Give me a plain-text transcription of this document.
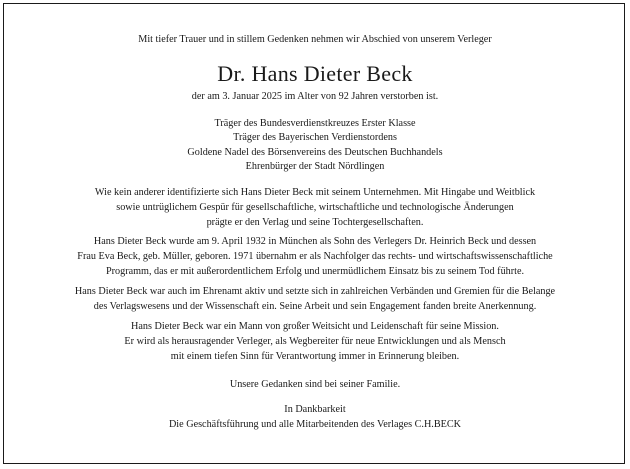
Mit tiefer Trauer und in stillem Gedenken nehmen wir Abschied von unserem Verleger
Dr. Hans Dieter Beck
der am 3. Januar 2025 im Alter von 92 Jahren verstorben ist.
Träger des Bundesverdienstkreuzes Erster Klasse
Träger des Bayerischen Verdienstordens
Goldene Nadel des Börsenvereins des Deutschen Buchhandels
Ehrenbürger der Stadt Nördlingen
Wie kein anderer identifizierte sich Hans Dieter Beck mit seinem Unternehmen. Mit Hingabe und Weitblick
sowie untrüglichem Gespür für gesellschaftliche, wirtschaftliche und technologische Änderungen
prägte er den Verlag und seine Tochtergesellschaften.
Hans Dieter Beck wurde am 9. April 1932 in München als Sohn des Verlegers Dr. Heinrich Beck und dessen
Frau Eva Beck, geb. Müller, geboren. 1971 übernahm er als Nachfolger das rechts- und wirtschaftswissenschaftliche
Programm, das er mit außerordentlichem Erfolg und unermüdlichem Einsatz bis zu seinem Tod führte.
Hans Dieter Beck war auch im Ehrenamt aktiv und setzte sich in zahlreichen Verbänden und Gremien für die Belange
des Verlagswesens und der Wissenschaft ein. Seine Arbeit und sein Engagement fanden breite Anerkennung.
Hans Dieter Beck war ein Mann von großer Weitsicht und Leidenschaft für seine Mission.
Er wird als herausragender Verleger, als Wegbereiter für neue Entwicklungen und als Mensch
mit einem tiefen Sinn für Verantwortung immer in Erinnerung bleiben.
Unsere Gedanken sind bei seiner Familie.
In Dankbarkeit
Die Geschäftsführung und alle Mitarbeitenden des Verlages C.H.BECK
